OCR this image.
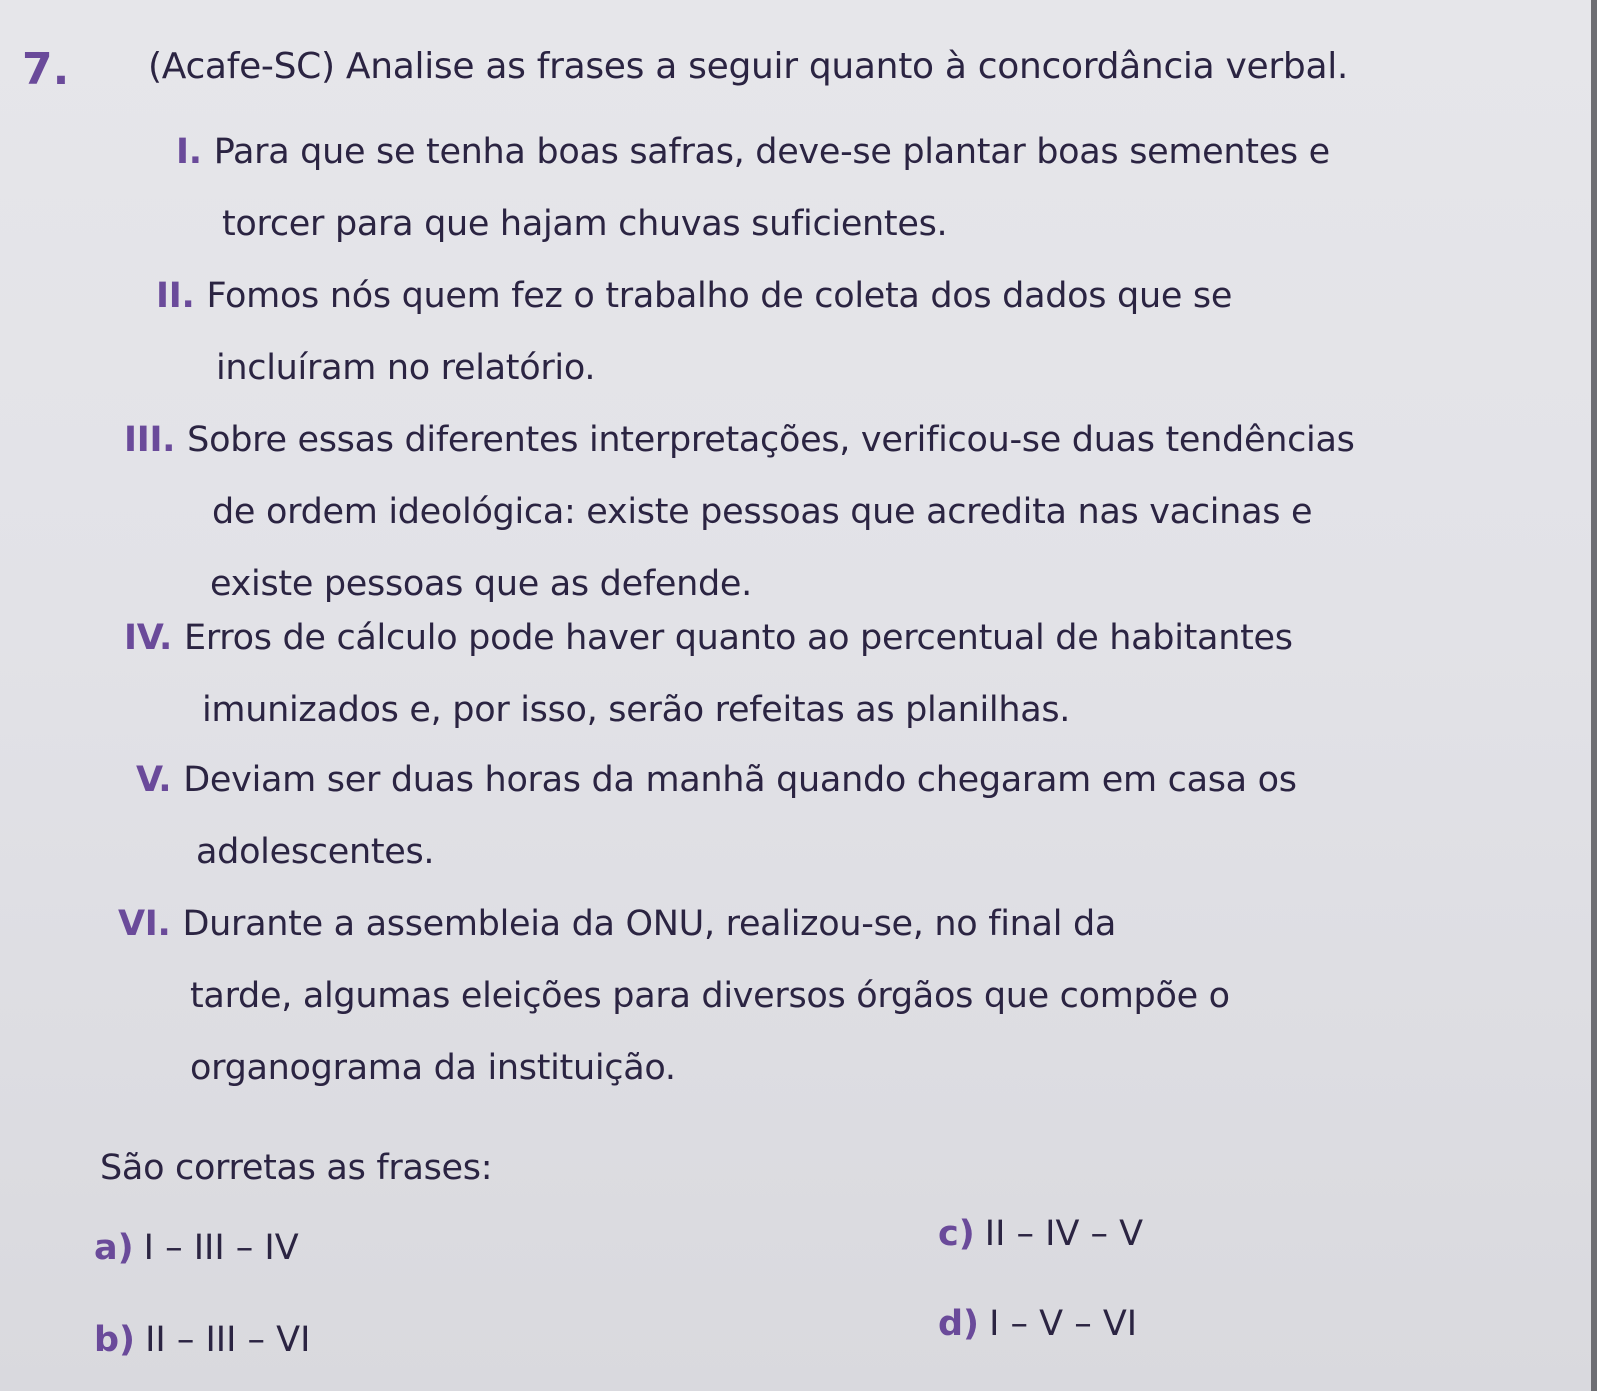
7. (Acafe-SC) Analise as frases a seguir quanto à concordância verbal.
I. Para que se tenha boas safras, deve-se plantar boas sementes e
torcer para que hajam chuvas suficientes.
II. Fomos nós quem fez o trabalho de coleta dos dados que se
incluíram no relatório.
III. Sobre essas diferentes interpretações, verificou-se duas tendências
de ordem ideológica: existe pessoas que acredita nas vacinas e
existe pessoas que as defende.
IV. Erros de cálculo pode haver quanto ao percentual de habitantes
imunizados e, por isso, serão refeitas as planilhas.
V. Deviam ser duas horas da manhã quando chegaram em casa os
adolescentes.
VI. Durante a assembleia da ONU, realizou-se, no final da
tarde, algumas eleições para diversos órgãos que compõe o
organograma da instituição.
São corretas as frases:
a) I – III – IV
b) II – III – VI
c) II – IV – V
d) I – V – VI
